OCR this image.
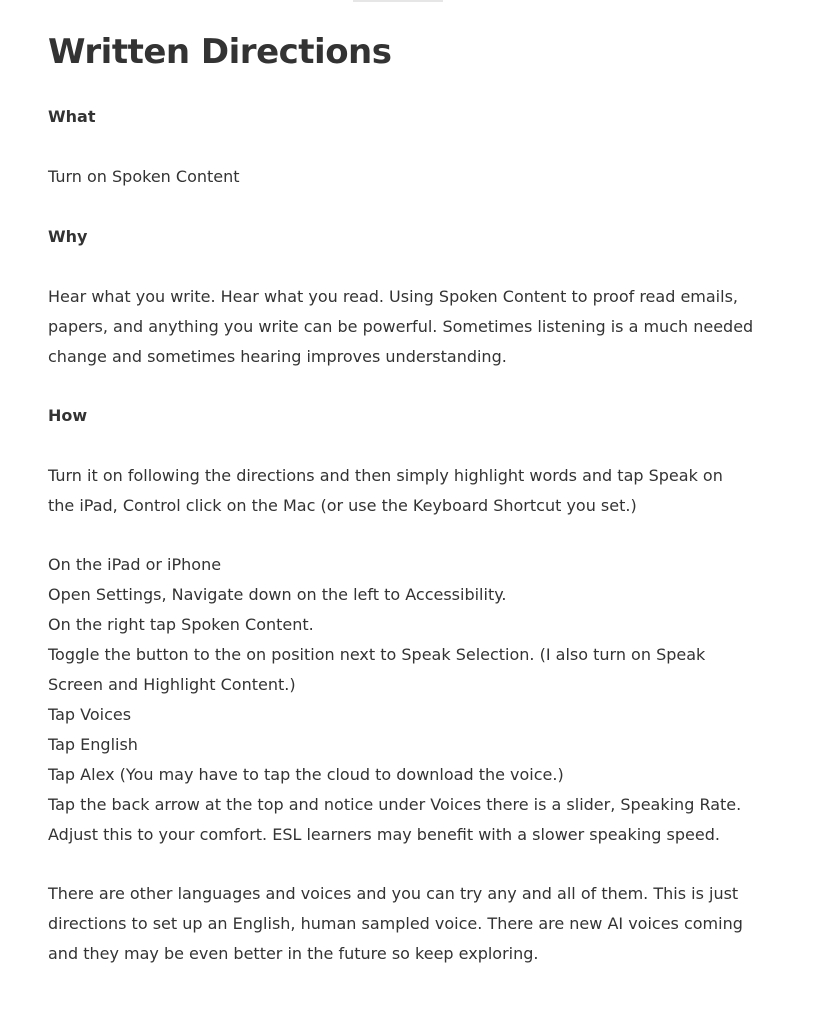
Written Directions
What
Turn on Spoken Content
Why
Hear what you write. Hear what you read. Using Spoken Content to proof read emails,
papers, and anything you write can be powerful. Sometimes listening is a much needed
change and sometimes hearing improves understanding.
How
Turn it on following the directions and then simply highlight words and tap Speak on
the iPad, Control click on the Mac (or use the Keyboard Shortcut you set.)
On the iPad or iPhone
Open Settings, Navigate down on the left to Accessibility.
On the right tap Spoken Content.
Toggle the button to the on position next to Speak Selection. (I also turn on Speak
Screen and Highlight Content.)
Tap Voices
Tap English
Tap Alex (You may have to tap the cloud to download the voice.)
Tap the back arrow at the top and notice under Voices there is a slider, Speaking Rate.
Adjust this to your comfort. ESL learners may benefit with a slower speaking speed.
There are other languages and voices and you can try any and all of them. This is just
directions to set up an English, human sampled voice. There are new AI voices coming
and they may be even better in the future so keep exploring.
